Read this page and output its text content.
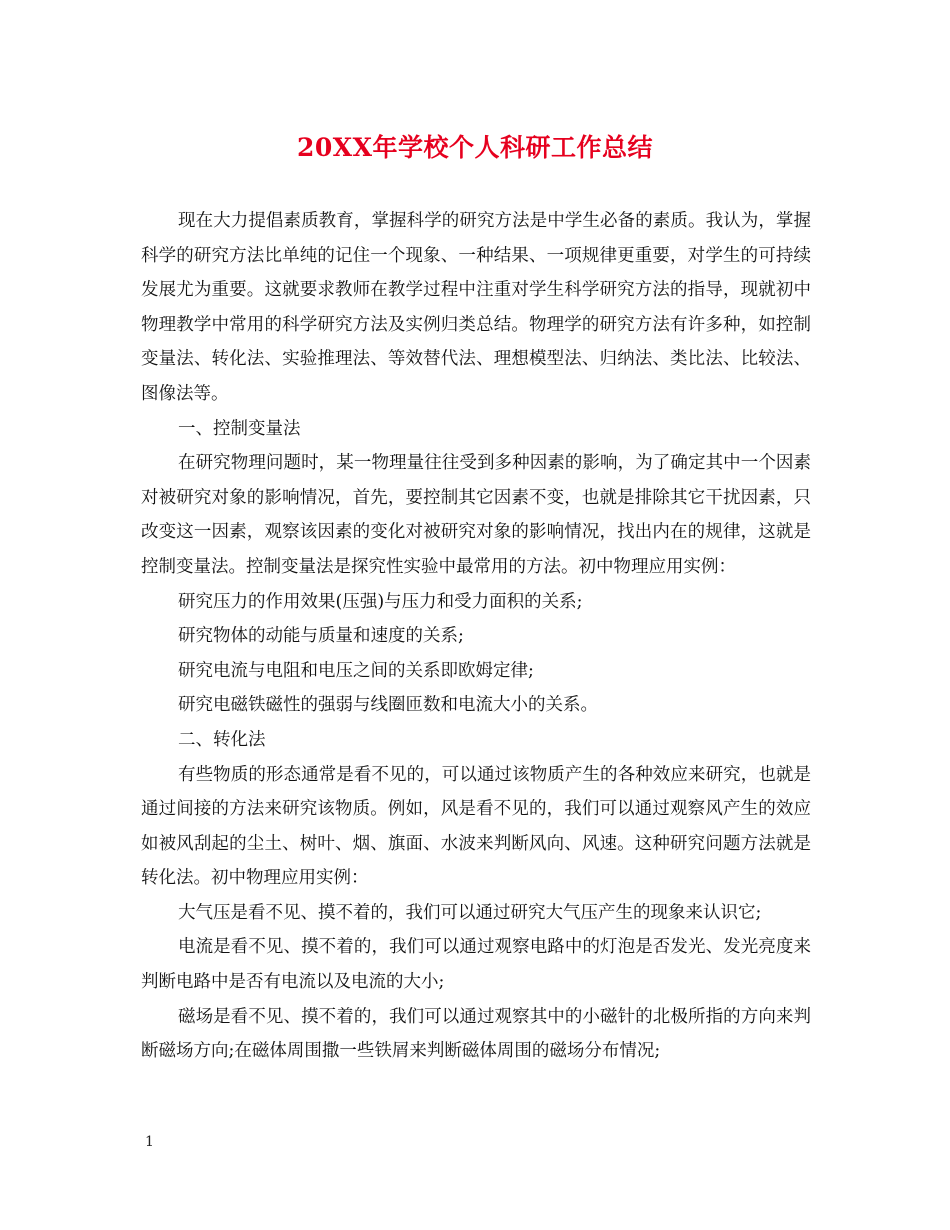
20XX年学校个人科研工作总结

现在大力提倡素质教育，掌握科学的研究方法是中学生必备的素质。我认为，掌握科学的研究方法比单纯的记住一个现象、一种结果、一项规律更重要，对学生的可持续发展尤为重要。这就要求教师在教学过程中注重对学生科学研究方法的指导，现就初中物理教学中常用的科学研究方法及实例归类总结。物理学的研究方法有许多种，如控制变量法、转化法、实验推理法、等效替代法、理想模型法、归纳法、类比法、比较法、图像法等。

一、控制变量法

在研究物理问题时，某一物理量往往受到多种因素的影响，为了确定其中一个因素对被研究对象的影响情况，首先，要控制其它因素不变，也就是排除其它干扰因素，只改变这一因素，观察该因素的变化对被研究对象的影响情况，找出内在的规律，这就是控制变量法。控制变量法是探究性实验中最常用的方法。初中物理应用实例：

研究压力的作用效果(压强)与压力和受力面积的关系;

研究物体的动能与质量和速度的关系;

研究电流与电阻和电压之间的关系即欧姆定律;

研究电磁铁磁性的强弱与线圈匝数和电流大小的关系。

二、转化法

有些物质的形态通常是看不见的，可以通过该物质产生的各种效应来研究，也就是通过间接的方法来研究该物质。例如，风是看不见的，我们可以通过观察风产生的效应如被风刮起的尘土、树叶、烟、旗面、水波来判断风向、风速。这种研究问题方法就是转化法。初中物理应用实例：

大气压是看不见、摸不着的，我们可以通过研究大气压产生的现象来认识它;

电流是看不见、摸不着的，我们可以通过观察电路中的灯泡是否发光、发光亮度来判断电路中是否有电流以及电流的大小;

磁场是看不见、摸不着的，我们可以通过观察其中的小磁针的北极所指的方向来判断磁场方向;在磁体周围撒一些铁屑来判断磁体周围的磁场分布情况;

1
